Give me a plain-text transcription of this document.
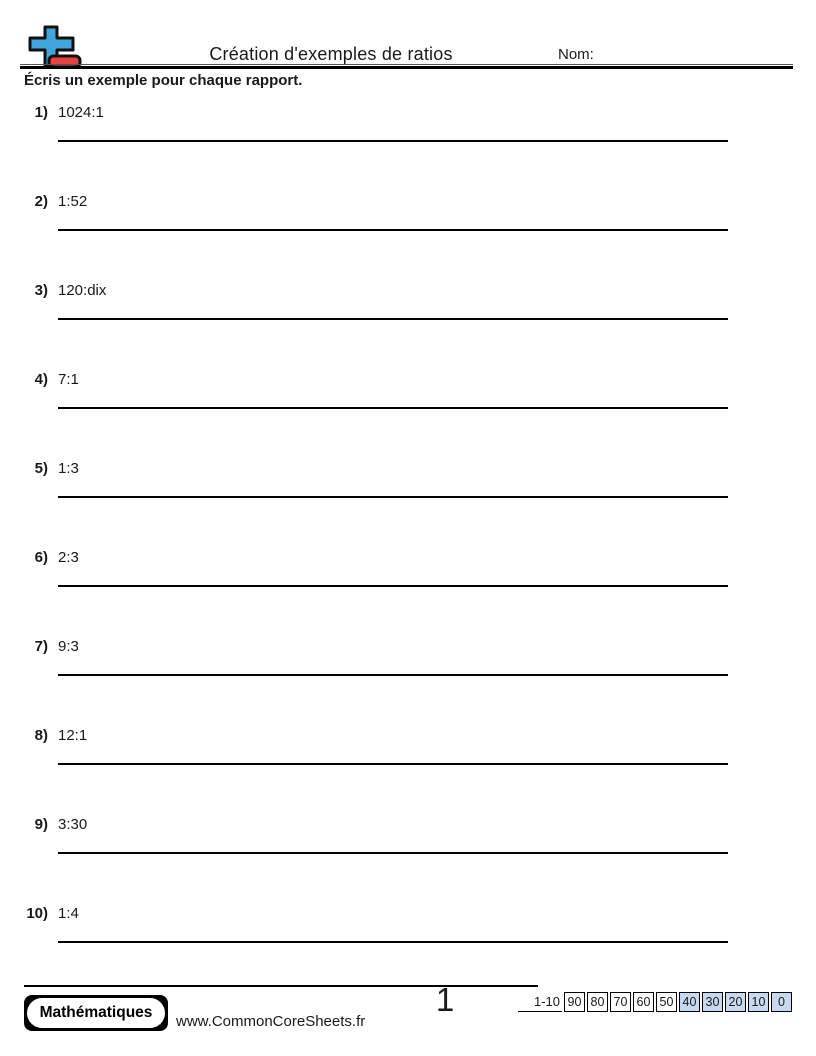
Création d'exemples de ratios	Nom:
Écris un exemple pour chaque rapport.
1) 1024:1
2) 1:52
3) 120:dix
4) 7:1
5) 1:3
6) 2:3
7) 9:3
8) 12:1
9) 3:30
10) 1:4
Mathématiques
www.CommonCoreSheets.fr
1	1-10 90 80 70 60 50 40 30 20 10	0
